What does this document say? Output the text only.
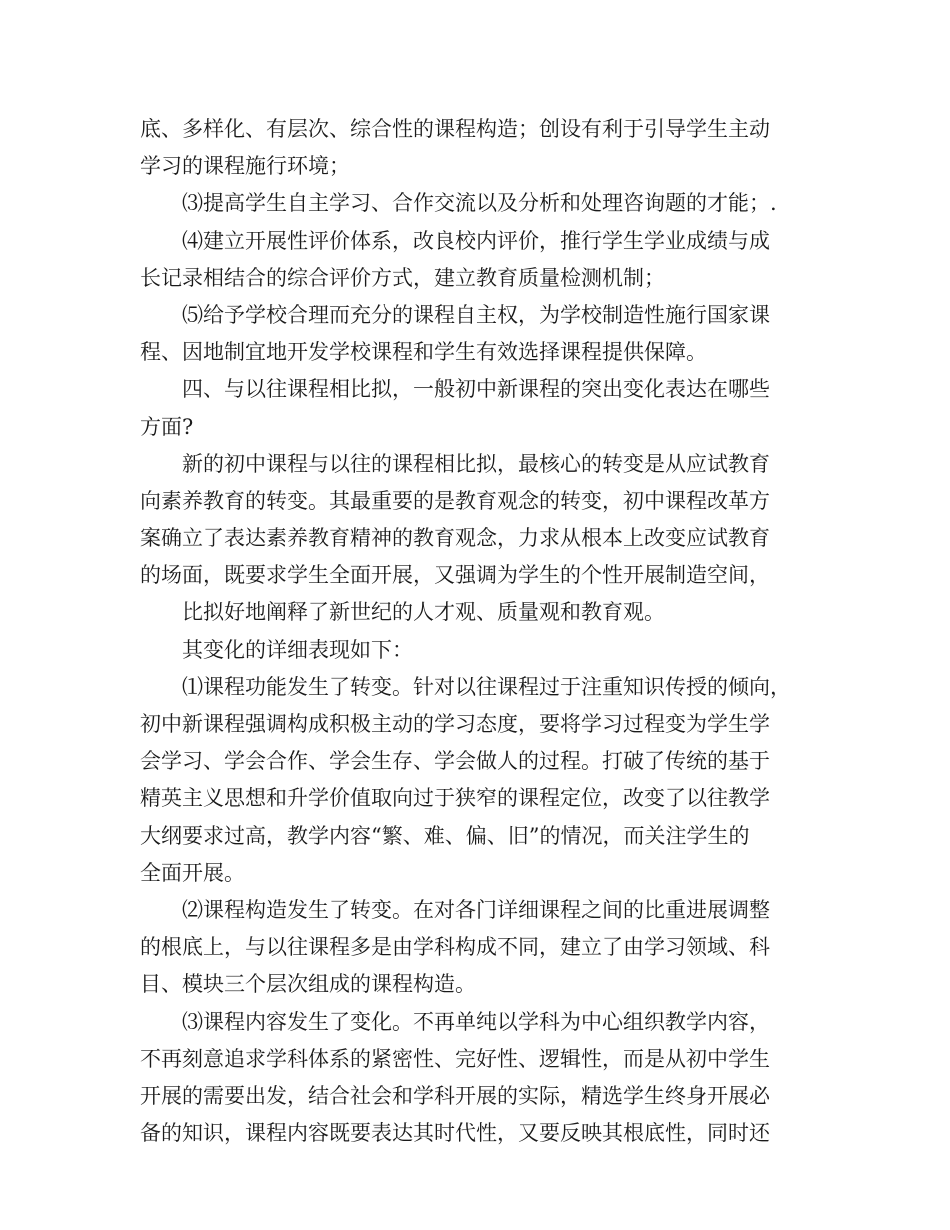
底、多样化、有层次、综合性的课程构造；创设有利于引导学生主动
学习的课程施行环境；
⑶提高学生自主学习、合作交流以及分析和处理咨询题的才能；.
⑷建立开展性评价体系，改良校内评价，推行学生学业成绩与成
长记录相结合的综合评价方式，建立教育质量检测机制；
⑸给予学校合理而充分的课程自主权，为学校制造性施行国家课
程、因地制宜地开发学校课程和学生有效选择课程提供保障。
四、与以往课程相比拟，一般初中新课程的突出变化表达在哪些
方面?
新的初中课程与以往的课程相比拟，最核心的转变是从应试教育
向素养教育的转变。其最重要的是教育观念的转变，初中课程改革方
案确立了表达素养教育精神的教育观念，力求从根本上改变应试教育
的场面，既要求学生全面开展，又强调为学生的个性开展制造空间，
比拟好地阐释了新世纪的人才观、质量观和教育观。
其变化的详细表现如下：
⑴课程功能发生了转变。针对以往课程过于注重知识传授的倾向，
初中新课程强调构成积极主动的学习态度，要将学习过程变为学生学
会学习、学会合作、学会生存、学会做人的过程。打破了传统的基于
精英主义思想和升学价值取向过于狭窄的课程定位，改变了以往教学
大纲要求过高，教学内容“繁、难、偏、旧”的情况，而关注学生的
全面开展。
⑵课程构造发生了转变。在对各门详细课程之间的比重进展调整
的根底上，与以往课程多是由学科构成不同，建立了由学习领域、科
目、模块三个层次组成的课程构造。
⑶课程内容发生了变化。不再单纯以学科为中心组织教学内容，
不再刻意追求学科体系的紧密性、完好性、逻辑性，而是从初中学生
开展的需要出发，结合社会和学科开展的实际，精选学生终身开展必
备的知识，课程内容既要表达其时代性，又要反映其根底性，同时还
